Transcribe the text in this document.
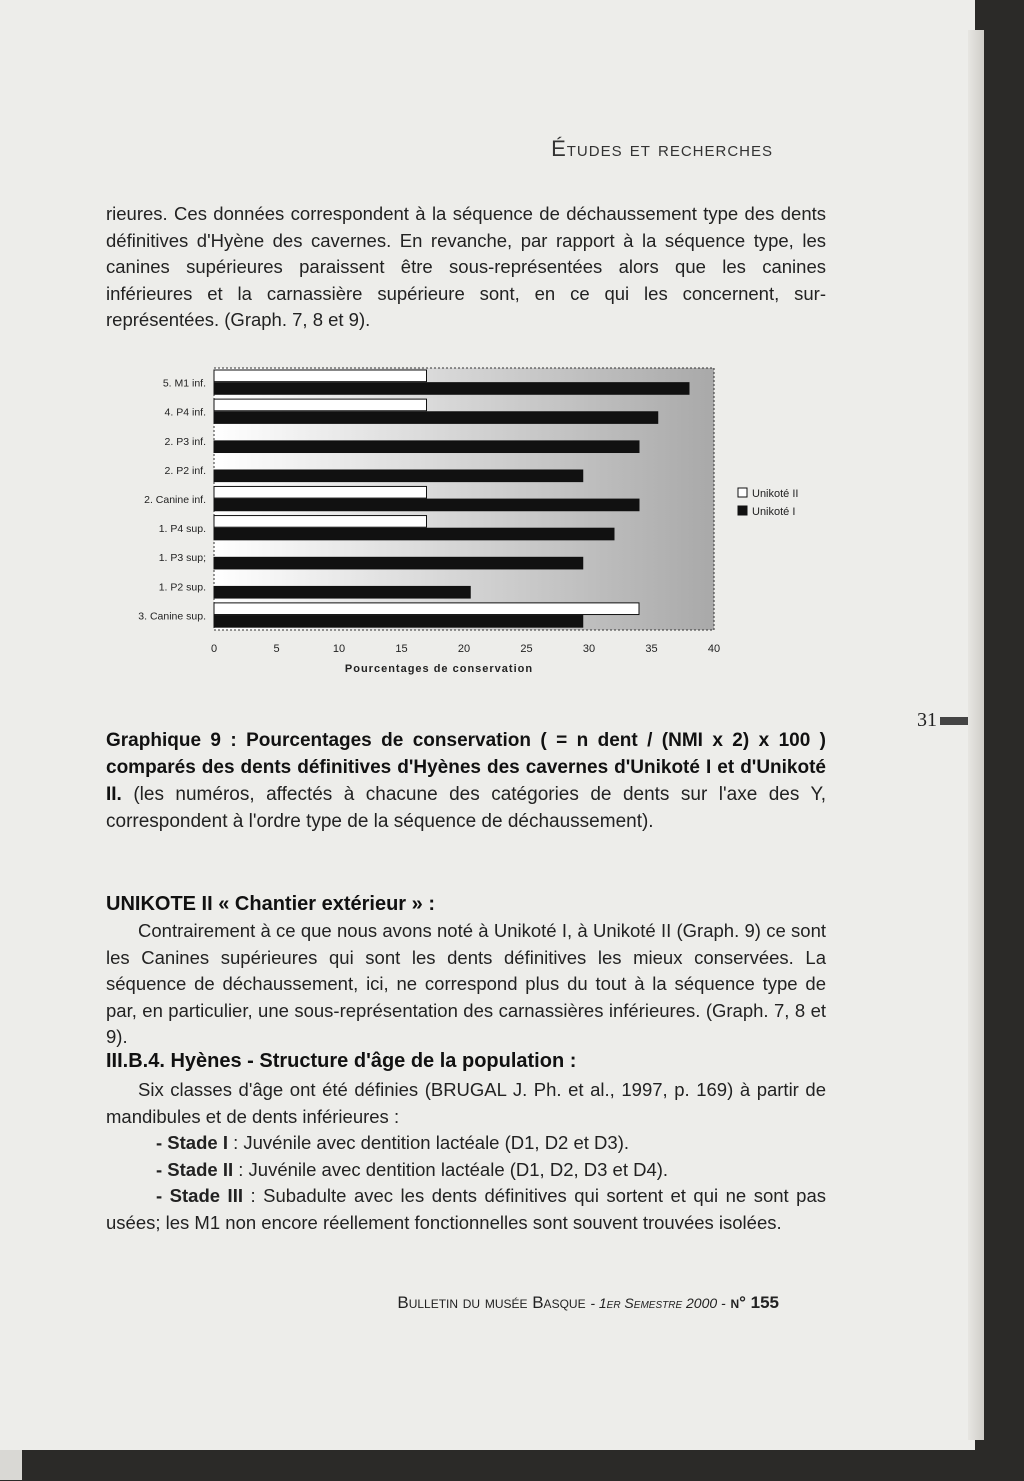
Études et recherches

rieures. Ces données correspondent à la séquence de déchaussement type des dents définitives d'Hyène des cavernes. En revanche, par rapport à la séquence type, les canines supérieures paraissent être sous-représentées alors que les canines inférieures et la carnassière supérieure sont, en ce qui les concernent, sur-représentées. (Graph. 7, 8 et 9).

5. M1 inf.
4. P4 inf.
2. P3 inf.
2. P2 inf.
2. Canine inf.
1. P4 sup.
1. P3 sup;
1. P2 sup.
3. Canine sup.
0	5	10	15	20	25	30	35	40
Pourcentages de conservation
Unikoté II
Unikoté I
Graphique 9 : Pourcentages de conservation ( = n dent / (NMI x 2) x 100 ) comparés des dents définitives d'Hyènes des cavernes d'Unikoté I et d'Unikoté II. (les numéros, affectés à chacune des catégories de dents sur l'axe des Y, correspondent à l'ordre type de la séquence de déchaussement).
UNIKOTE II « Chantier extérieur » :

Contrairement à ce que nous avons noté à Unikoté I, à Unikoté II (Graph. 9) ce sont les Canines supérieures qui sont les dents définitives les mieux conservées. La séquence de déchaussement, ici, ne correspond plus du tout à la séquence type de par, en particulier, une sous-représentation des carnassières inférieures. (Graph. 7, 8 et 9).

III.B.4. Hyènes - Structure d'âge de la population :
Six classes d'âge ont été définies (BRUGAL J. Ph. et al., 1997, p. 169) à partir de mandibules et de dents inférieures :
- Stade I : Juvénile avec dentition lactéale (D1, D2 et D3).
- Stade II : Juvénile avec dentition lactéale (D1, D2, D3 et D4).
- Stade III : Subadulte avec les dents définitives qui sortent et qui ne sont pas usées; les M1 non encore réellement fonctionnelles sont souvent trouvées isolées.
31
Bulletin du musée Basque - 1er Semestre 2000 - n° 155
